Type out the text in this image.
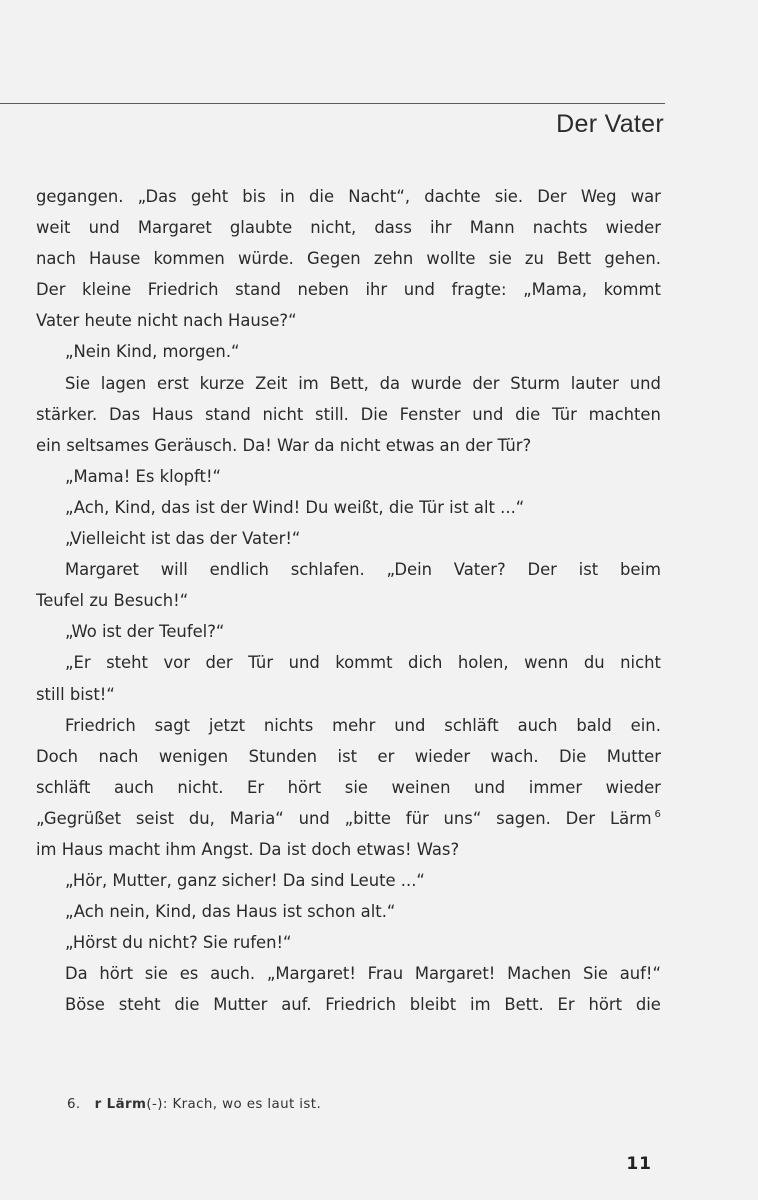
Der Vater
gegangen. „Das geht bis in die Nacht“, dachte sie. Der Weg war
weit und Margaret glaubte nicht, dass ihr Mann nachts wieder
nach Hause kommen würde. Gegen zehn wollte sie zu Bett gehen.
Der kleine Friedrich stand neben ihr und fragte: „Mama, kommt
Vater heute nicht nach Hause?“
„Nein Kind, morgen.“
Sie lagen erst kurze Zeit im Bett, da wurde der Sturm lauter und
stärker. Das Haus stand nicht still. Die Fenster und die Tür machten
ein seltsames Geräusch. Da! War da nicht etwas an der Tür?
„Mama! Es klopft!“
„Ach, Kind, das ist der Wind! Du weißt, die Tür ist alt ...“
„Vielleicht ist das der Vater!“
Margaret will endlich schlafen. „Dein Vater? Der ist beim
Teufel zu Besuch!“
„Wo ist der Teufel?“
„Er steht vor der Tür und kommt dich holen, wenn du nicht
still bist!“
Friedrich sagt jetzt nichts mehr und schläft auch bald ein.
Doch nach wenigen Stunden ist er wieder wach. Die Mutter
schläft auch nicht. Er hört sie weinen und immer wieder
„Gegrüßet seist du, Maria“ und „bitte für uns“ sagen. Der Lärm $^6$
im Haus macht ihm Angst. Da ist doch etwas! Was?
„Hör, Mutter, ganz sicher! Da sind Leute ...“
„Ach nein, Kind, das Haus ist schon alt.“
„Hörst du nicht? Sie rufen!“
Da hört sie es auch. „Margaret! Frau Margaret! Machen Sie auf!“
Böse steht die Mutter auf. Friedrich bleibt im Bett. Er hört die
6. r Lärm(-): Krach, wo es laut ist.
11
